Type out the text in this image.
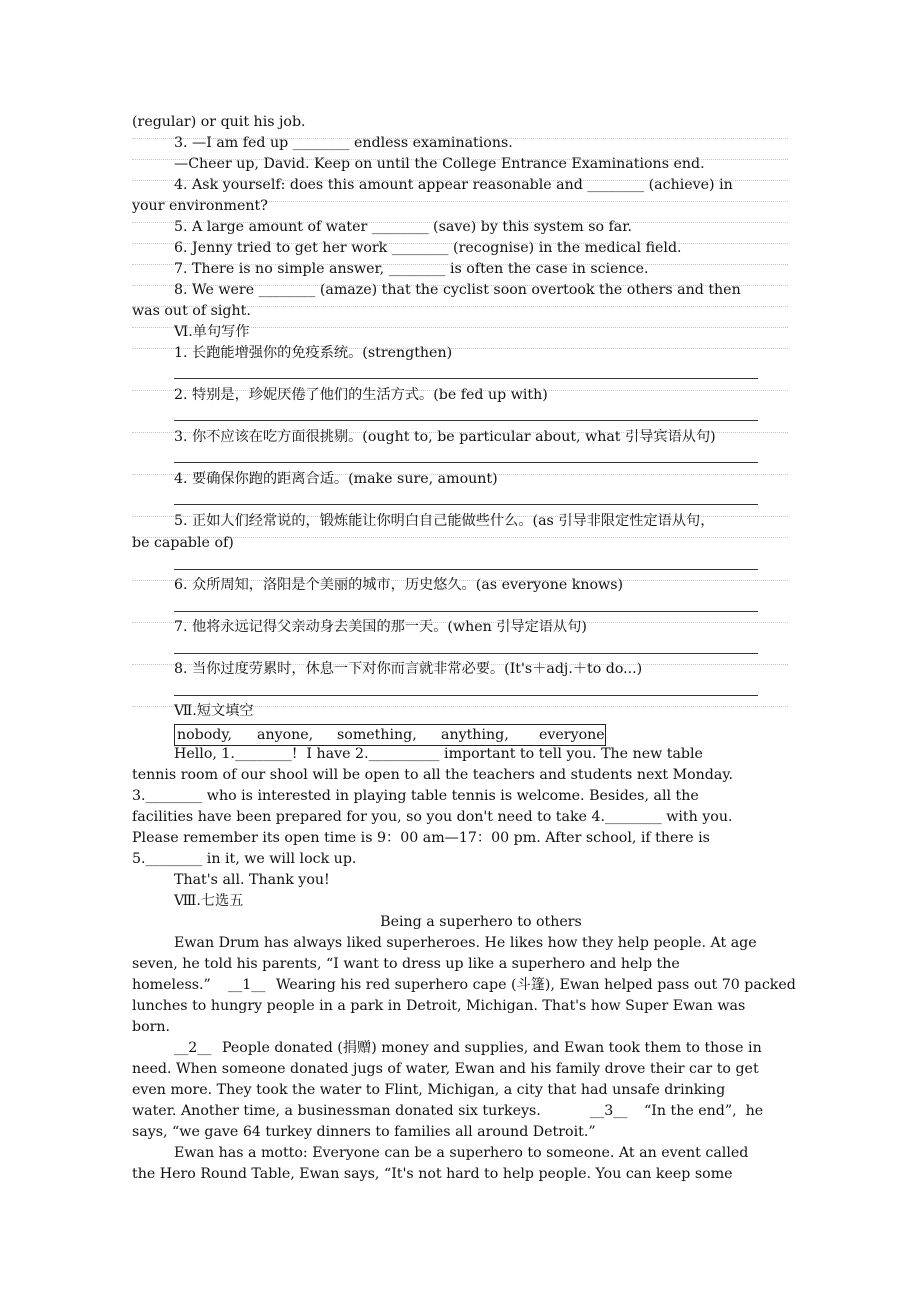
(regular) or quit his job.
3. —I am fed up ________ endless examinations.
—Cheer up, David. Keep on until the College Entrance Examinations end.
4. Ask yourself: does this amount appear reasonable and ________ (achieve) in
your environment?
5. A large amount of water ________ (save) by this system so far.
6. Jenny tried to get her work ________ (recognise) in the medical field.
7. There is no simple answer, ________ is often the case in science.
8. We were ________ (amaze) that the cyclist soon overtook the others and then
was out of sight.
Ⅵ.单句写作
1. 长跑能增强你的免疫系统。(strengthen)
2. 特别是，珍妮厌倦了他们的生活方式。(be fed up with)
3. 你不应该在吃方面很挑剔。(ought to, be particular about, what 引导宾语从句)
4. 要确保你跑的距离合适。(make sure, amount)
5. 正如人们经常说的，锻炼能让你明白自己能做些什么。(as 引导非限定性定语从句，
be capable of)
6. 众所周知，洛阳是个美丽的城市，历史悠久。(as everyone knows)
7. 他将永远记得父亲动身去美国的那一天。(when 引导定语从句)
8. 当你过度劳累时，休息一下对你而言就非常必要。(It's＋adj.＋to do...)
Ⅶ.短文填空
nobody, anyone, something, anything, everyone
Hello, 1.________!  I have 2.__________ important to tell you. The new table
tennis room of our shool will be open to all the teachers and students next Monday.
3.________ who is interested in playing table tennis is welcome. Besides, all the
facilities have been prepared for you, so you don't need to take 4.________ with you.
Please remember its open time is 9：00 am—17：00 pm. After school, if there is
5.________ in it, we will lock up.
That's all. Thank you!
Ⅷ.七选五
Being a superhero to others
Ewan Drum has always liked superheroes. He likes how they help people. At age
seven, he told his parents, “I want to dress up like a superhero and help the
homeless.” __1__ Wearing his red superhero cape (斗篷), Ewan helped pass out 70 packed
lunches to hungry people in a park in Detroit, Michigan. That's how Super Ewan was
born.
__2__ People donated (捐赠) money and supplies, and Ewan took them to those in
need. When someone donated jugs of water, Ewan and his family drove their car to get
even more. They took the water to Flint, Michigan, a city that had unsafe drinking
water. Another time, a businessman donated six turkeys.	__3__ “In the end”,  he
says, “we gave 64 turkey dinners to families all around Detroit.”
Ewan has a motto: Everyone can be a superhero to someone. At an event called
the Hero Round Table, Ewan says, “It's not hard to help people. You can keep some
